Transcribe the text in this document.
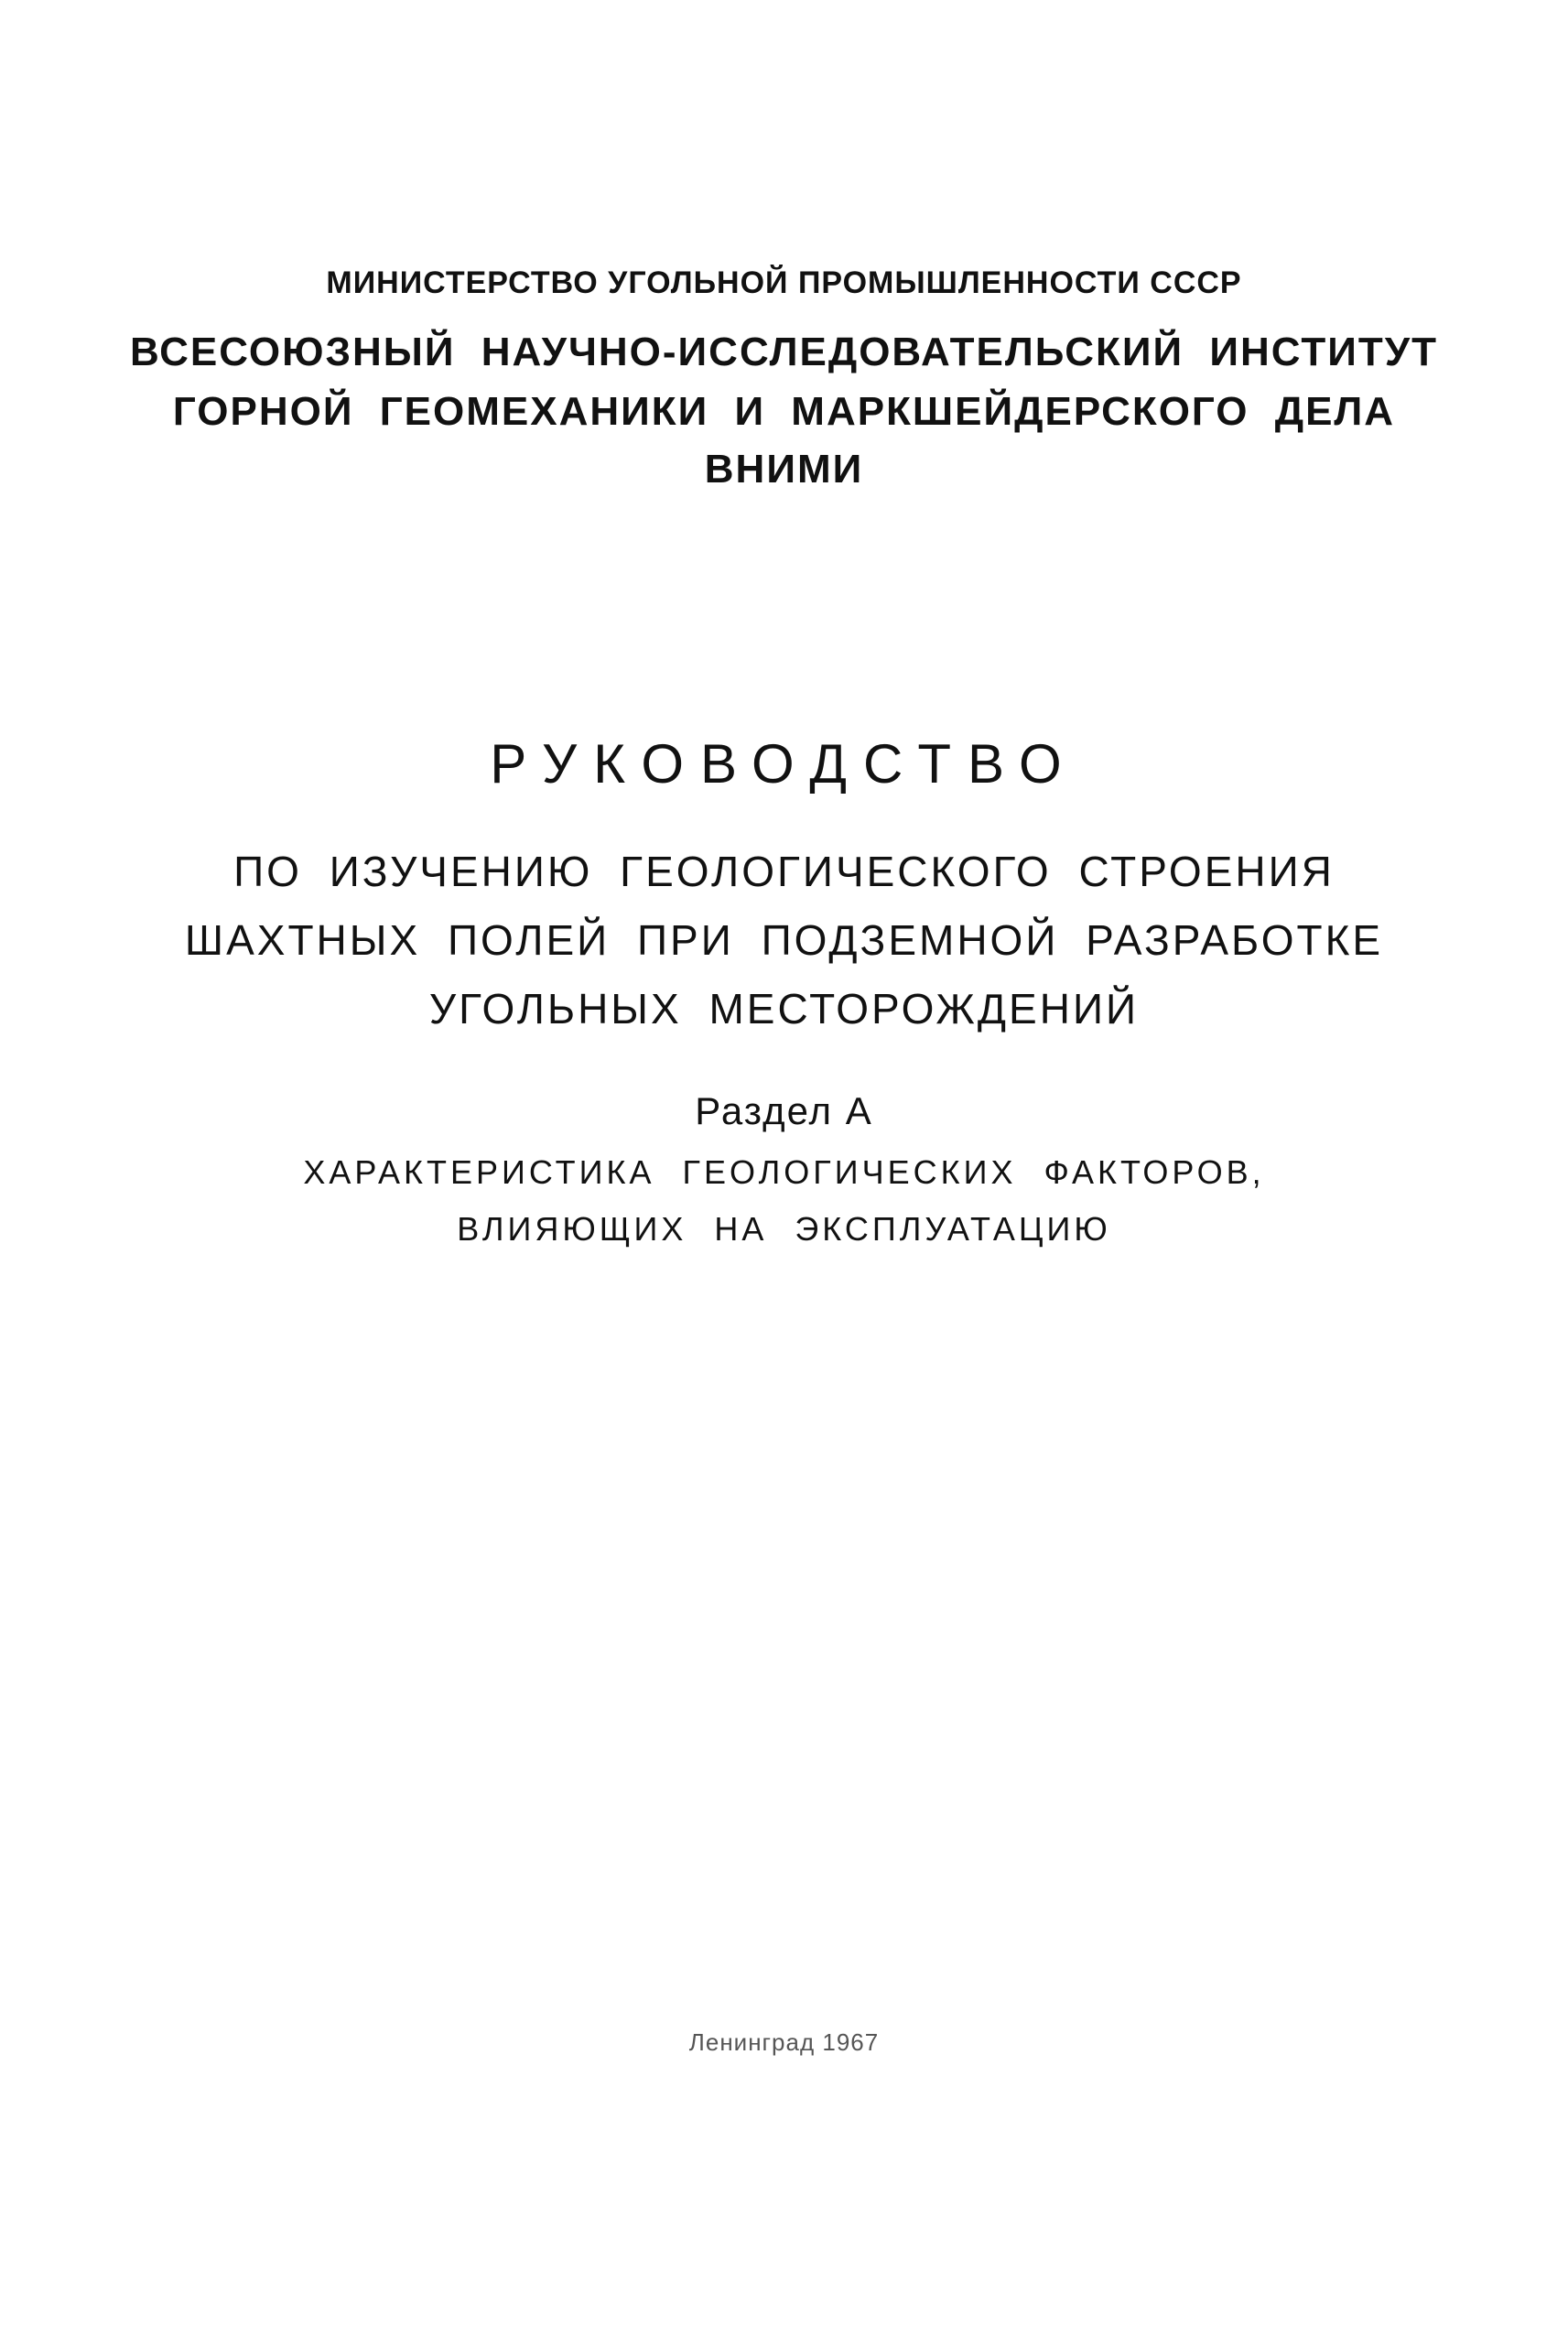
МИНИСТЕРСТВО УГОЛЬНОЙ ПРОМЫШЛЕННОСТИ СССР
ВСЕСОЮЗНЫЙ НАУЧНО-ИССЛЕДОВАТЕЛЬСКИЙ ИНСТИТУТ
ГОРНОЙ ГЕОМЕХАНИКИ И МАРКШЕЙДЕРСКОГО ДЕЛА
ВНИМИ
РУКОВОДСТВО
ПО ИЗУЧЕНИЮ ГЕОЛОГИЧЕСКОГО СТРОЕНИЯ
ШАХТНЫХ ПОЛЕЙ ПРИ ПОДЗЕМНОЙ РАЗРАБОТКЕ
УГОЛЬНЫХ МЕСТОРОЖДЕНИЙ
Раздел А
ХАРАКТЕРИСТИКА ГЕОЛОГИЧЕСКИХ ФАКТОРОВ,
ВЛИЯЮЩИХ НА ЭКСПЛУАТАЦИЮ
Ленинград 1967
